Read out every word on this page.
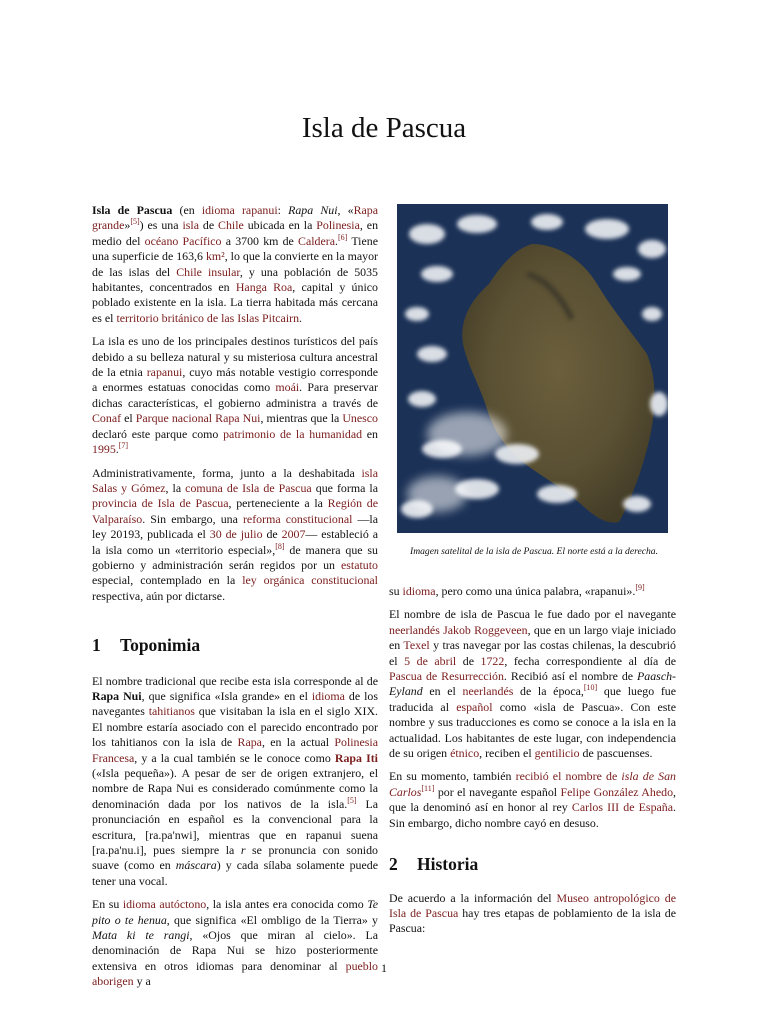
Isla de Pascua

Isla de Pascua (en idioma rapanui: Rapa Nui, «Rapa grande»[5]) es una isla de Chile ubicada en la Polinesia, en medio del océano Pacífico a 3700 km de Caldera.[6] Tiene una superficie de 163,6 km², lo que la convierte en la mayor de las islas del Chile insular, y una población de 5035 habitantes, concentrados en Hanga Roa, capital y único poblado existente en la isla. La tierra habitada más cercana es el territorio británico de las Islas Pitcairn.

La isla es uno de los principales destinos turísticos del país debido a su belleza natural y su misteriosa cultura ancestral de la etnia rapanui, cuyo más notable vestigio corresponde a enormes estatuas conocidas como moái. Para preservar dichas características, el gobierno administra a través de Conaf el Parque nacional Rapa Nui, mientras que la Unesco declaró este parque como patrimonio de la humanidad en 1995.[7]

Administrativamente, forma, junto a la deshabitada isla Salas y Gómez, la comuna de Isla de Pascua que forma la provincia de Isla de Pascua, perteneciente a la Región de Valparaíso. Sin embargo, una reforma constitucional —la ley 20193, publicada el 30 de julio de 2007— estableció a la isla como un «territorio especial»,[8] de manera que su gobierno y administración serán regidos por un estatuto especial, contemplado en la ley orgánica constitucional respectiva, aún por dictarse.

1 Toponimia

El nombre tradicional que recibe esta isla corresponde al de Rapa Nui, que significa «Isla grande» en el idioma de los navegantes tahitianos que visitaban la isla en el siglo XIX. El nombre estaría asociado con el parecido encontrado por los tahitianos con la isla de Rapa, en la actual Polinesia Francesa, y a la cual también se le conoce como Rapa Iti («Isla pequeña»). A pesar de ser de origen extranjero, el nombre de Rapa Nui es considerado comúnmente como la denominación dada por los nativos de la isla.[5] La pronunciación en español es la convencional para la escritura, [ra.pa'nwi], mientras que en rapanui suena [ra.pa'nu.i], pues siempre la r se pronuncia con sonido suave (como en máscara) y cada sílaba solamente puede tener una vocal.

En su idioma autóctono, la isla antes era conocida como Te pito o te henua, que significa «El ombligo de la Tierra» y Mata ki te rangi, «Ojos que miran al cielo». La denominación de Rapa Nui se hizo posteriormente extensiva en otros idiomas para denominar al pueblo aborigen y a

Imagen satelital de la isla de Pascua. El norte está a la derecha.

su idioma, pero como una única palabra, «rapanui».[9]

El nombre de isla de Pascua le fue dado por el navegante neerlandés Jakob Roggeveen, que en un largo viaje iniciado en Texel y tras navegar por las costas chilenas, la descubrió el 5 de abril de 1722, fecha correspondiente al día de Pascua de Resurrección. Recibió así el nombre de Paasch-Eyland en el neerlandés de la época,[10] que luego fue traducida al español como «isla de Pascua». Con este nombre y sus traducciones es como se conoce a la isla en la actualidad. Los habitantes de este lugar, con independencia de su origen étnico, reciben el gentilicio de pascuenses.

En su momento, también recibió el nombre de isla de San Carlos[11] por el navegante español Felipe González Ahedo, que la denominó así en honor al rey Carlos III de España. Sin embargo, dicho nombre cayó en desuso.

2 Historia

De acuerdo a la información del Museo antropológico de Isla de Pascua hay tres etapas de poblamiento de la isla de Pascua:

1
